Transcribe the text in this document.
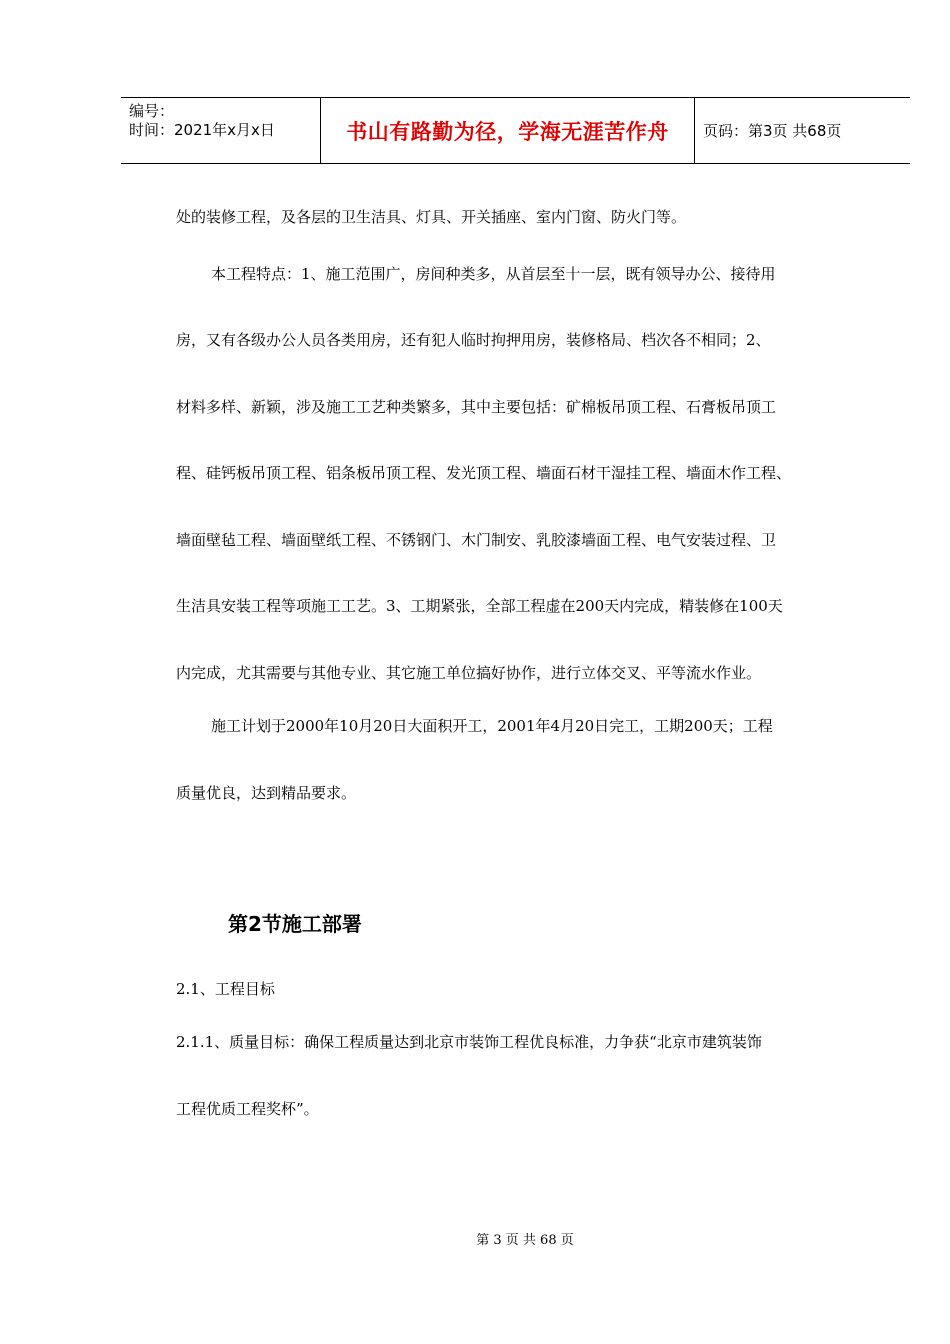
编号：
时间：2021年x月x日	书山有路勤为径，学海无涯苦作舟	页码：第3页 共68页
处的装修工程，及各层的卫生洁具、灯具、开关插座、室内门窗、防火门等。
本工程特点：1、施工范围广，房间种类多，从首层至十一层，既有领导办公、接待用
房，又有各级办公人员各类用房，还有犯人临时拘押用房，装修格局、档次各不相同；2、
材料多样、新颖，涉及施工工艺种类繁多，其中主要包括：矿棉板吊顶工程、石膏板吊顶工
程、硅钙板吊顶工程、铝条板吊顶工程、发光顶工程、墙面石材干湿挂工程、墙面木作工程、
墙面壁毡工程、墙面壁纸工程、不锈钢门、木门制安、乳胶漆墙面工程、电气安装过程、卫
生洁具安装工程等项施工工艺。3、工期紧张，全部工程虚在200天内完成，精装修在100天
内完成，尤其需要与其他专业、其它施工单位搞好协作，进行立体交叉、平等流水作业。
施工计划于2000年10月20日大面积开工，2001年4月20日完工，工期200天；工程
质量优良，达到精品要求。
2.1、工程目标
2.1.1、质量目标：确保工程质量达到北京市装饰工程优良标准，力争获“北京市建筑装饰
工程优质工程奖杯”。
第2节施工部署
第 3 页 共 68 页
